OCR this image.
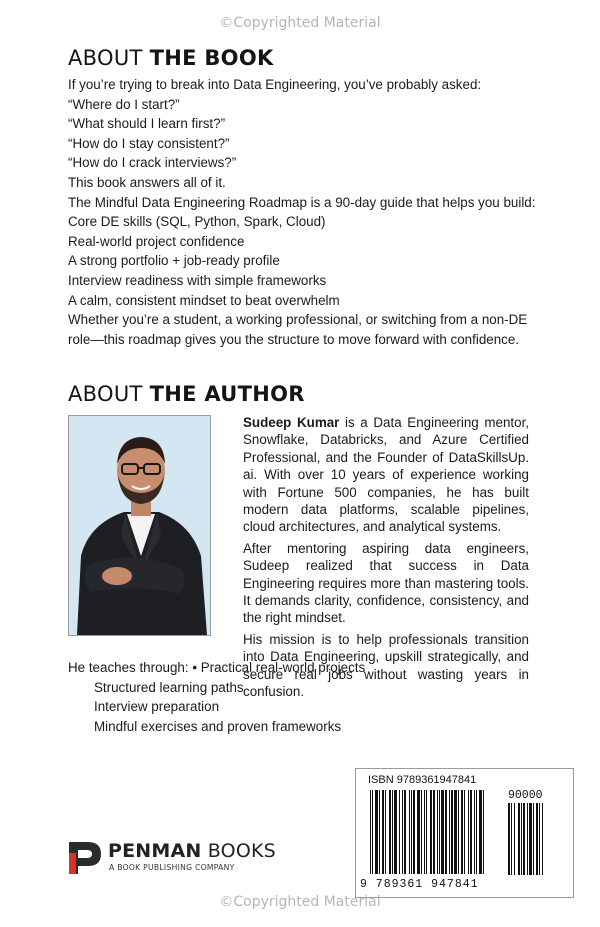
©Copyrighted Material
ABOUT THE BOOK
If you’re trying to break into Data Engineering, you’ve probably asked:
“Where do I start?”
“What should I learn first?”
“How do I stay consistent?”
“How do I crack interviews?”
This book answers all of it.
The Mindful Data Engineering Roadmap is a 90-day guide that helps you build:
Core DE skills (SQL, Python, Spark, Cloud)
Real-world project confidence
A strong portfolio + job-ready profile
Interview readiness with simple frameworks
A calm, consistent mindset to beat overwhelm
Whether you’re a student, a working professional, or switching from a non-DE role—this roadmap gives you the structure to move forward with confidence.
ABOUT THE AUTHOR

Sudeep Kumar is a Data Engineering mentor, Snowflake, Databricks, and Azure Certified Professional, and the Founder of DataSkillsUp. ai. With over 10 years of experience working with Fortune 500 companies, he has built modern data platforms, scalable pipelines, cloud architectures, and analytical systems.

After mentoring aspiring data engineers, Sudeep realized that success in Data Engineering requires more than mastering tools. It demands clarity, confidence, consistency, and the right mindset.

His mission is to help professionals transition into Data Engineering, upskill strategically, and secure real jobs without wasting years in confusion.

He teaches through: • Practical real-world projects
Structured learning paths
Interview preparation
Mindful exercises and proven frameworks
PENMAN BOOKS
A BOOK PUBLISHING COMPANY
ISBN 9789361947841
90000
9 789361 947841
©Copyrighted Material
